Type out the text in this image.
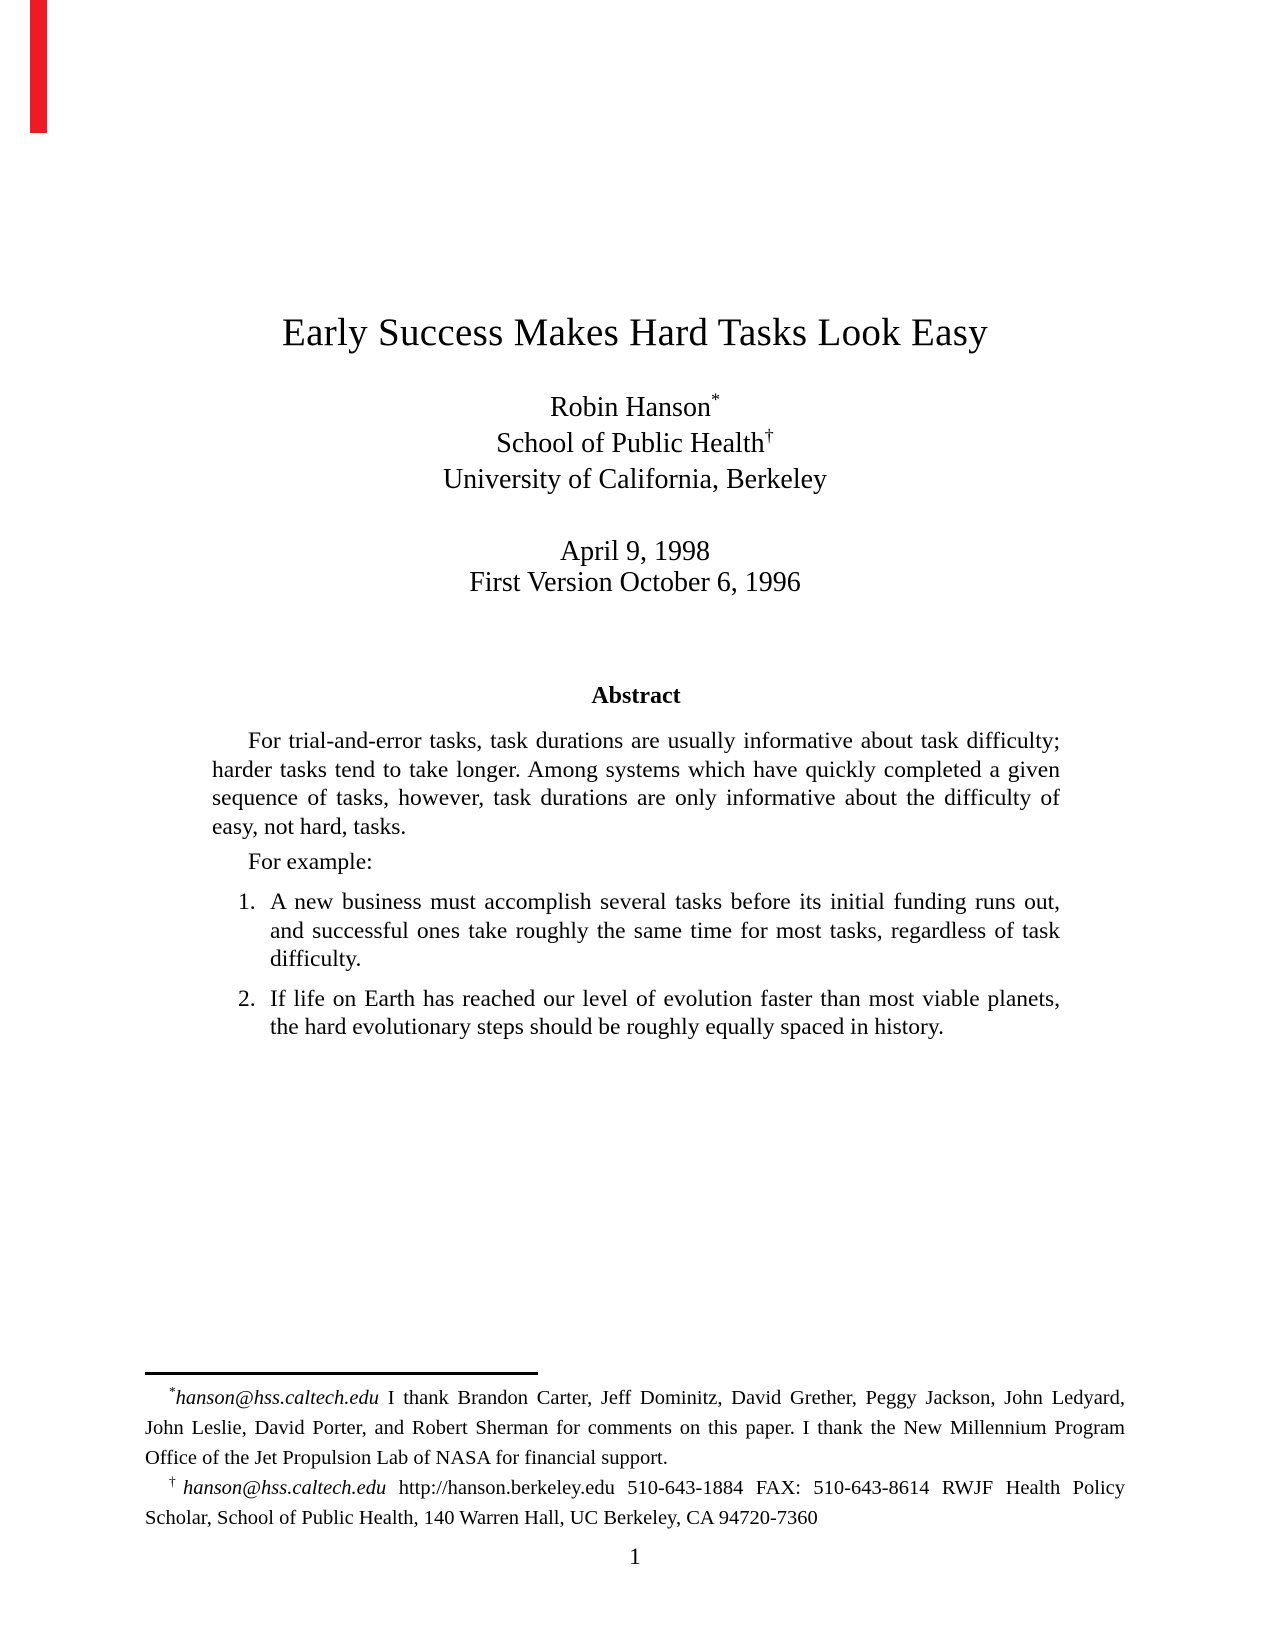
Early Success Makes Hard Tasks Look Easy
Robin Hanson*
School of Public Health†
University of California, Berkeley
April 9, 1998
First Version October 6, 1996
Abstract

For trial-and-error tasks, task durations are usually informative about task difficulty; harder tasks tend to take longer. Among systems which have quickly completed a given sequence of tasks, however, task durations are only informative about the difficulty of easy, not hard, tasks.

For example:

1. A new business must accomplish several tasks before its initial funding runs out, and successful ones take roughly the same time for most tasks, regardless of task difficulty.
2. If life on Earth has reached our level of evolution faster than most viable planets, the hard evolutionary steps should be roughly equally spaced in history.

*hanson@hss.caltech.edu I thank Brandon Carter, Jeff Dominitz, David Grether, Peggy Jackson, John Ledyard, John Leslie, David Porter, and Robert Sherman for comments on this paper. I thank the New Millennium Program Office of the Jet Propulsion Lab of NASA for financial support.

†hanson@hss.caltech.edu http://hanson.berkeley.edu 510-643-1884 FAX: 510-643-8614 RWJF Health Policy Scholar, School of Public Health, 140 Warren Hall, UC Berkeley, CA 94720-7360

1
